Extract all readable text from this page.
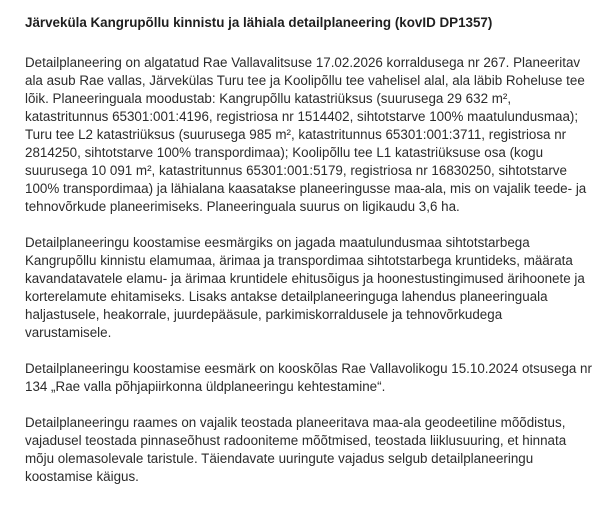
Järveküla Kangrupõllu kinnistu ja lähiala detailplaneering (kovID DP1357)

Detailplaneering on algatatud Rae Vallavalitsuse 17.02.2026 korraldusega nr 267. Planeeritav ala asub Rae vallas, Järvekülas Turu tee ja Koolipõllu tee vahelisel alal, ala läbib Roheluse tee lõik. Planeeringuala moodustab: Kangrupõllu katastriüksus (suurusega 29 632 m², katastritunnus 65301:001:4196, registriosa nr 1514402, sihtotstarve 100% maatulundusmaa); Turu tee L2 katastriüksus (suurusega 985 m², katastritunnus 65301:001:3711, registriosa nr 2814250, sihtotstarve 100% transpordimaa); Koolipõllu tee L1 katastriüksuse osa (kogu suurusega 10 091 m², katastritunnus 65301:001:5179, registriosa nr 16830250, sihtotstarve 100% transpordimaa) ja lähialana kaasatakse planeeringusse maa-ala, mis on vajalik teede- ja tehnovõrkude planeerimiseks. Planeeringuala suurus on ligikaudu 3,6 ha.

Detailplaneeringu koostamise eesmärgiks on jagada maatulundusmaa sihtotstarbega Kangrupõllu kinnistu elamumaa, ärimaa ja transpordimaa sihtotstarbega kruntideks, määrata kavandatavatele elamu- ja ärimaa kruntidele ehitusõigus ja hoonestustingimused ärihoonete ja korterelamute ehitamiseks. Lisaks antakse detailplaneeringuga lahendus planeeringuala haljastusele, heakorrale, juurdepääsule, parkimiskorraldusele ja tehnovõrkudega varustamisele.

Detailplaneeringu koostamise eesmärk on kooskõlas Rae Vallavolikogu 15.10.2024 otsusega nr 134 „Rae valla põhjapiirkonna üldplaneeringu kehtestamine“.

Detailplaneeringu raames on vajalik teostada planeeritava maa-ala geodeetiline mõõdistus, vajadusel teostada pinnaseõhust radooniteme mõõtmised, teostada liiklusuuring, et hinnata mõju olemasolevale taristule. Täiendavate uuringute vajadus selgub detailplaneeringu koostamise käigus.
